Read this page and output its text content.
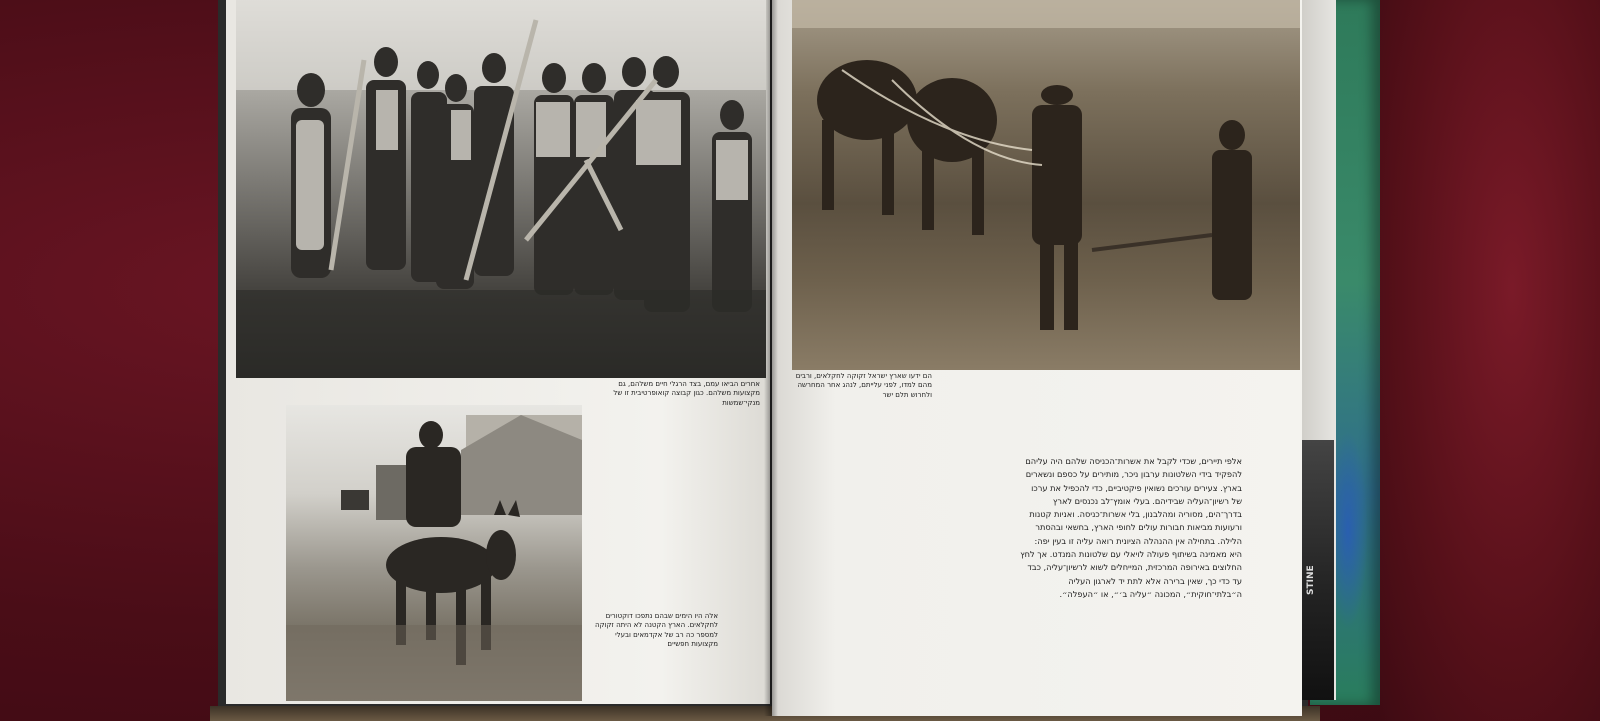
STINE
אחרים הביאו עמם, בצד הרגלי חיים משלהם, גם מקצועות משלהם. כגון קבוצה קואופרטיבית זו של מנקי־שמשות
הם ידעו שארץ ישראל זקוקה לחקלאים, ורבים מהם למדו, לפני עלייתם, לנהג אחר המחרשה ולחרוש תלם ישר
אלה היו הימים שבהם נתפכו דוקטורים לחקלאים. הארץ הקטנה לא היתה זקוקה למספר כה רב של אקדמאים ובעלי מקצועות חפשיים
אלפי תיירים, שכדי לקבל את אשרות־הכניסה שלהם היה עליהם להפקיד בידי השלטונות ערבון ניכר, מותירים על כספם ונשארים בארץ. צעירים עורכים נשואין פיקטיביים, כדי להכפיל את ערכו של רשיון־העליה שבידיהם. בעלי אומץ־לב נכנסים לארץ בדרך־הים, מסוריה ומהלבנון, בלי אשרות־כניסה. ואניות קטנות ורעועות מביאות חבורות עולים לחופי הארץ, בחשאי ובהסתר הלילה. בתחילה אין ההנהלה הציונית רואה עליה זו בעין יפה: היא מאמינה בשיתוף פעולה לויאלי עם שלטונות המנדט. אך לחץ החלוצים באירופה המרכזית, המייחלים לשוא לרשיון־עליה, כבד עד כדי כך, שאין ברירה אלא לתת יד לארגון העליה ה״בלתי־חוקית״, המכונה ״עליה ב׳״, או ״העפלה״.
